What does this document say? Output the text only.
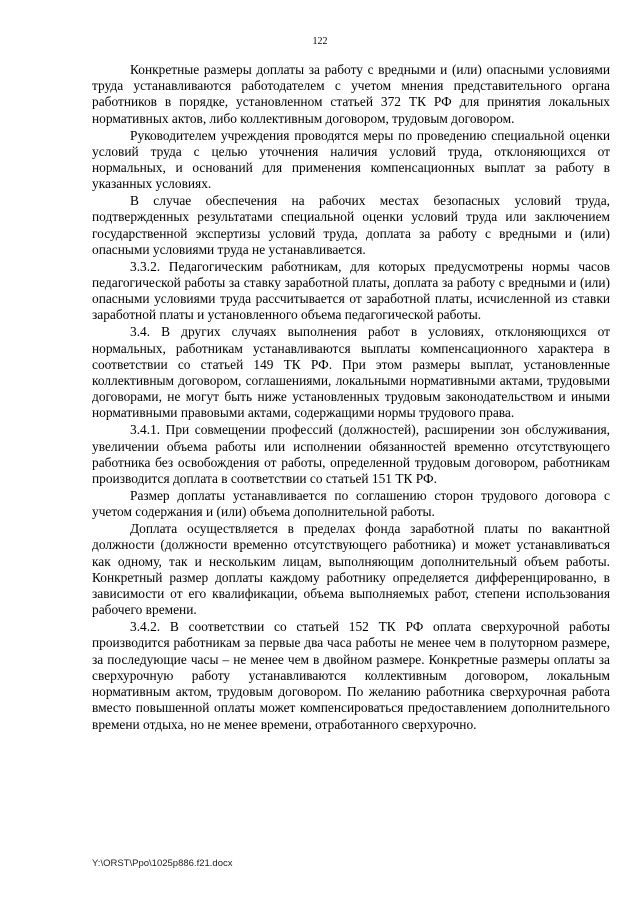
122

Конкретные размеры доплаты за работу с вредными и (или) опасными условиями труда устанавливаются работодателем с учетом мнения представительного органа работников в порядке, установленном статьей 372 ТК РФ для принятия локальных нормативных актов, либо коллективным договором, трудовым договором.

Руководителем учреждения проводятся меры по проведению специальной оценки условий труда с целью уточнения наличия условий труда, отклоняющихся от нормальных, и оснований для применения компенсационных выплат за работу в указанных условиях.

В случае обеспечения на рабочих местах безопасных условий труда, подтвержденных результатами специальной оценки условий труда или заключением государственной экспертизы условий труда, доплата за работу с вредными и (или) опасными условиями труда не устанавливается.

3.3.2. Педагогическим работникам, для которых предусмотрены нормы часов педагогической работы за ставку заработной платы, доплата за работу с вредными и (или) опасными условиями труда рассчитывается от заработной платы, исчисленной из ставки заработной платы и установленного объема педагогической работы.

3.4. В других случаях выполнения работ в условиях, отклоняющихся от нормальных, работникам устанавливаются выплаты компенсационного характера в соответствии со статьей 149 ТК РФ. При этом размеры выплат, установленные коллективным договором, соглашениями, локальными нормативными актами, трудовыми договорами, не могут быть ниже установленных трудовым законодательством и иными нормативными правовыми актами, содержащими нормы трудового права.

3.4.1. При совмещении профессий (должностей), расширении зон обслуживания, увеличении объема работы или исполнении обязанностей временно отсутствующего работника без освобождения от работы, определенной трудовым договором, работникам производится доплата в соответствии со статьей 151 ТК РФ.

Размер доплаты устанавливается по соглашению сторон трудового договора с учетом содержания и (или) объема дополнительной работы.

Доплата осуществляется в пределах фонда заработной платы по вакантной должности (должности временно отсутствующего работника) и может устанавливаться как одному, так и нескольким лицам, выполняющим дополнительный объем работы. Конкретный размер доплаты каждому работнику определяется дифференцированно, в зависимости от его квалификации, объема выполняемых работ, степени использования рабочего времени.

3.4.2. В соответствии со статьей 152 ТК РФ оплата сверхурочной работы производится работникам за первые два часа работы не менее чем в полуторном размере, за последующие часы – не менее чем в двойном размере. Конкретные размеры оплаты за сверхурочную работу устанавливаются коллективным договором, локальным нормативным актом, трудовым договором. По желанию работника сверхурочная работа вместо повышенной оплаты может компенсироваться предоставлением дополнительного времени отдыха, но не менее времени, отработанного сверхурочно.

Y:\ORST\Ppo\1025p886.f21.docx
